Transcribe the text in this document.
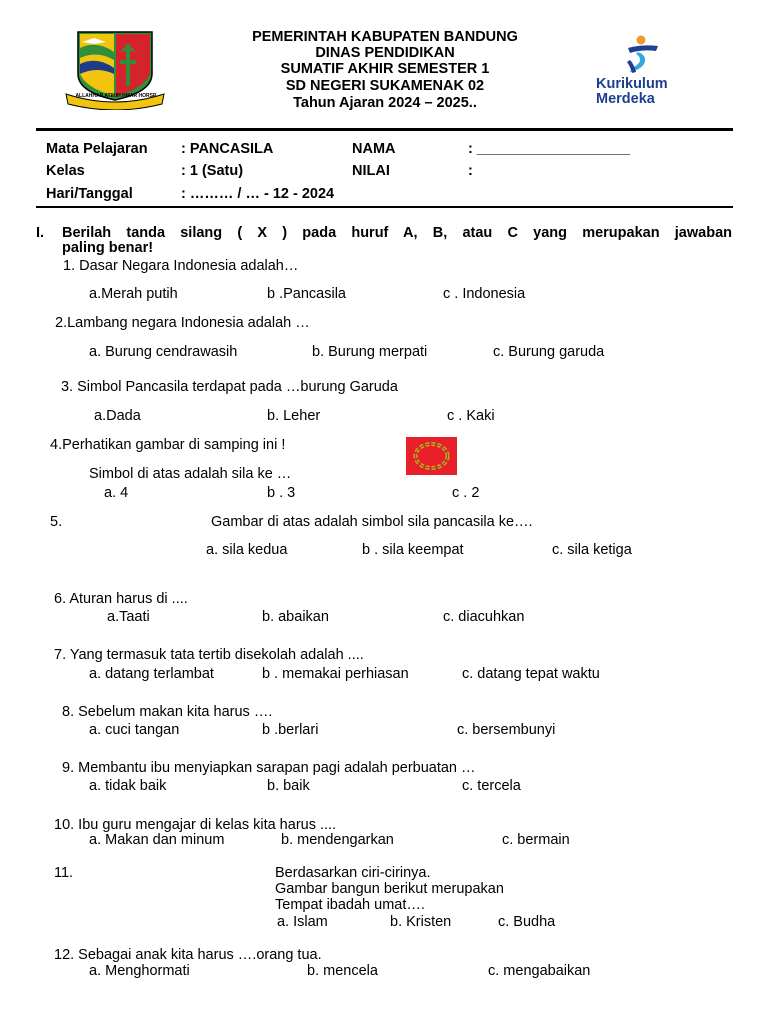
ALLAHHAR ATIKIH HMAR HORSR
PEMERINTAH KABUPATEN BANDUNG
DINAS PENDIDIKAN
SUMATIF AKHIR SEMESTER 1
SD NEGERI SUKAMENAK 02
Tahun Ajaran 2024 – 2025..
Kurikulum
Merdeka
Mata Pelajaran : PANCASILA	NAMA	: ___________________
Kelas	: 1 (Satu)	NILAI	:
Hari/Tanggal	: ……… / … - 12 - 2024
I. Berilah tanda silang ( X ) pada huruf A, B, atau C yang merupakan jawaban
paling benar!
1. Dasar Negara Indonesia adalah…
a.Merah putih	b .Pancasila	c . Indonesia
2.Lambang negara Indonesia adalah …
a. Burung cendrawasih	b. Burung merpati	c. Burung garuda
3. Simbol Pancasila terdapat pada …burung Garuda
a.Dada	b. Leher	c . Kaki
4.Perhatikan gambar di samping ini !
Simbol di atas adalah sila ke …
a. 4	b . 3	c . 2
5.	Gambar di atas adalah simbol sila pancasila ke….
a. sila kedua	b . sila keempat	c. sila ketiga
6. Aturan harus di ....
a.Taati	b. abaikan	c. diacuhkan
7. Yang termasuk tata tertib disekolah adalah ....
a. datang terlambat	b . memakai perhiasan	c. datang tepat waktu
8. Sebelum makan kita harus ….
a. cuci tangan	b .berlari	c. bersembunyi
9. Membantu ibu menyiapkan sarapan pagi adalah perbuatan …
a. tidak baik	b. baik	c. tercela
10. Ibu guru mengajar di kelas kita harus ....
a. Makan dan minum	b. mendengarkan	c. bermain
11.	Berdasarkan ciri-cirinya.
Gambar bangun berikut merupakan
Tempat ibadah umat….
a. Islam	b. Kristen	c. Budha
12. Sebagai anak kita harus ….orang tua.
a. Menghormati	b. mencela	c. mengabaikan
